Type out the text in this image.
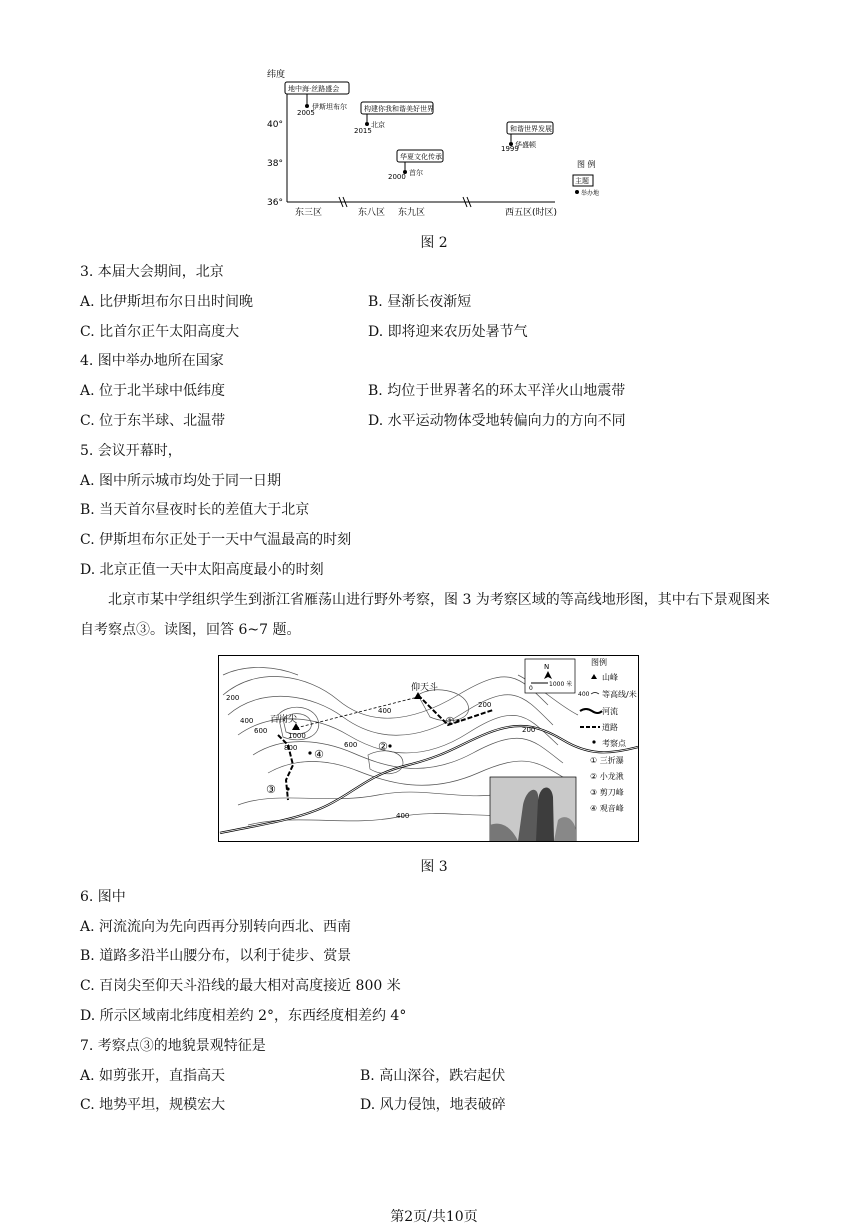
纬度
40°
38°
36°
东三区	东八区 东九区	西五区(时区)
地中海·丝路盛会
伊斯坦布尔
2005	构建你我和谐美好世界
北京
2015
华夏文化传承
首尔
2000
和谐世界发展
华盛顿
1999
图 例
主题
举办地
图 2
3. 本届大会期间，北京
A. 比伊斯坦布尔日出时间晚	B. 昼渐长夜渐短
C. 比首尔正午太阳高度大	D. 即将迎来农历处暑节气
4. 图中举办地所在国家
A. 位于北半球中低纬度	B. 均位于世界著名的环太平洋火山地震带
C. 位于东半球、北温带	D. 水平运动物体受地转偏向力的方向不同
5. 会议开幕时，
A. 图中所示城市均处于同一日期
B. 当天首尔昼夜时长的差值大于北京
C. 伊斯坦布尔正处于一天中气温最高的时刻
D. 北京正值一天中太阳高度最小的时刻
北京市某中学组织学生到浙江省雁荡山进行野外考察，图 3 为考察区域的等高线地形图，其中右下景观图来自考察点③。读图，回答 6~7 题。
百岗尖
1000
仰天斗
200
400
600
800
200
400
600
200
400
①
②
③
④
N
0
1000 米
图例
山峰
400 等高线/米
河流
道路
考察点
① 三折瀑
② 小龙湫
③ 剪刀峰
④ 观音峰
图 3
6. 图中
A. 河流流向为先向西再分别转向西北、西南
B. 道路多沿半山腰分布，以利于徒步、赏景
C. 百岗尖至仰天斗沿线的最大相对高度接近 800 米
D. 所示区域南北纬度相差约 2°，东西经度相差约 4°
7. 考察点③的地貌景观特征是
A. 如剪张开，直指高天	B. 高山深谷，跌宕起伏
C. 地势平坦，规模宏大	D. 风力侵蚀，地表破碎
第2页/共10页
